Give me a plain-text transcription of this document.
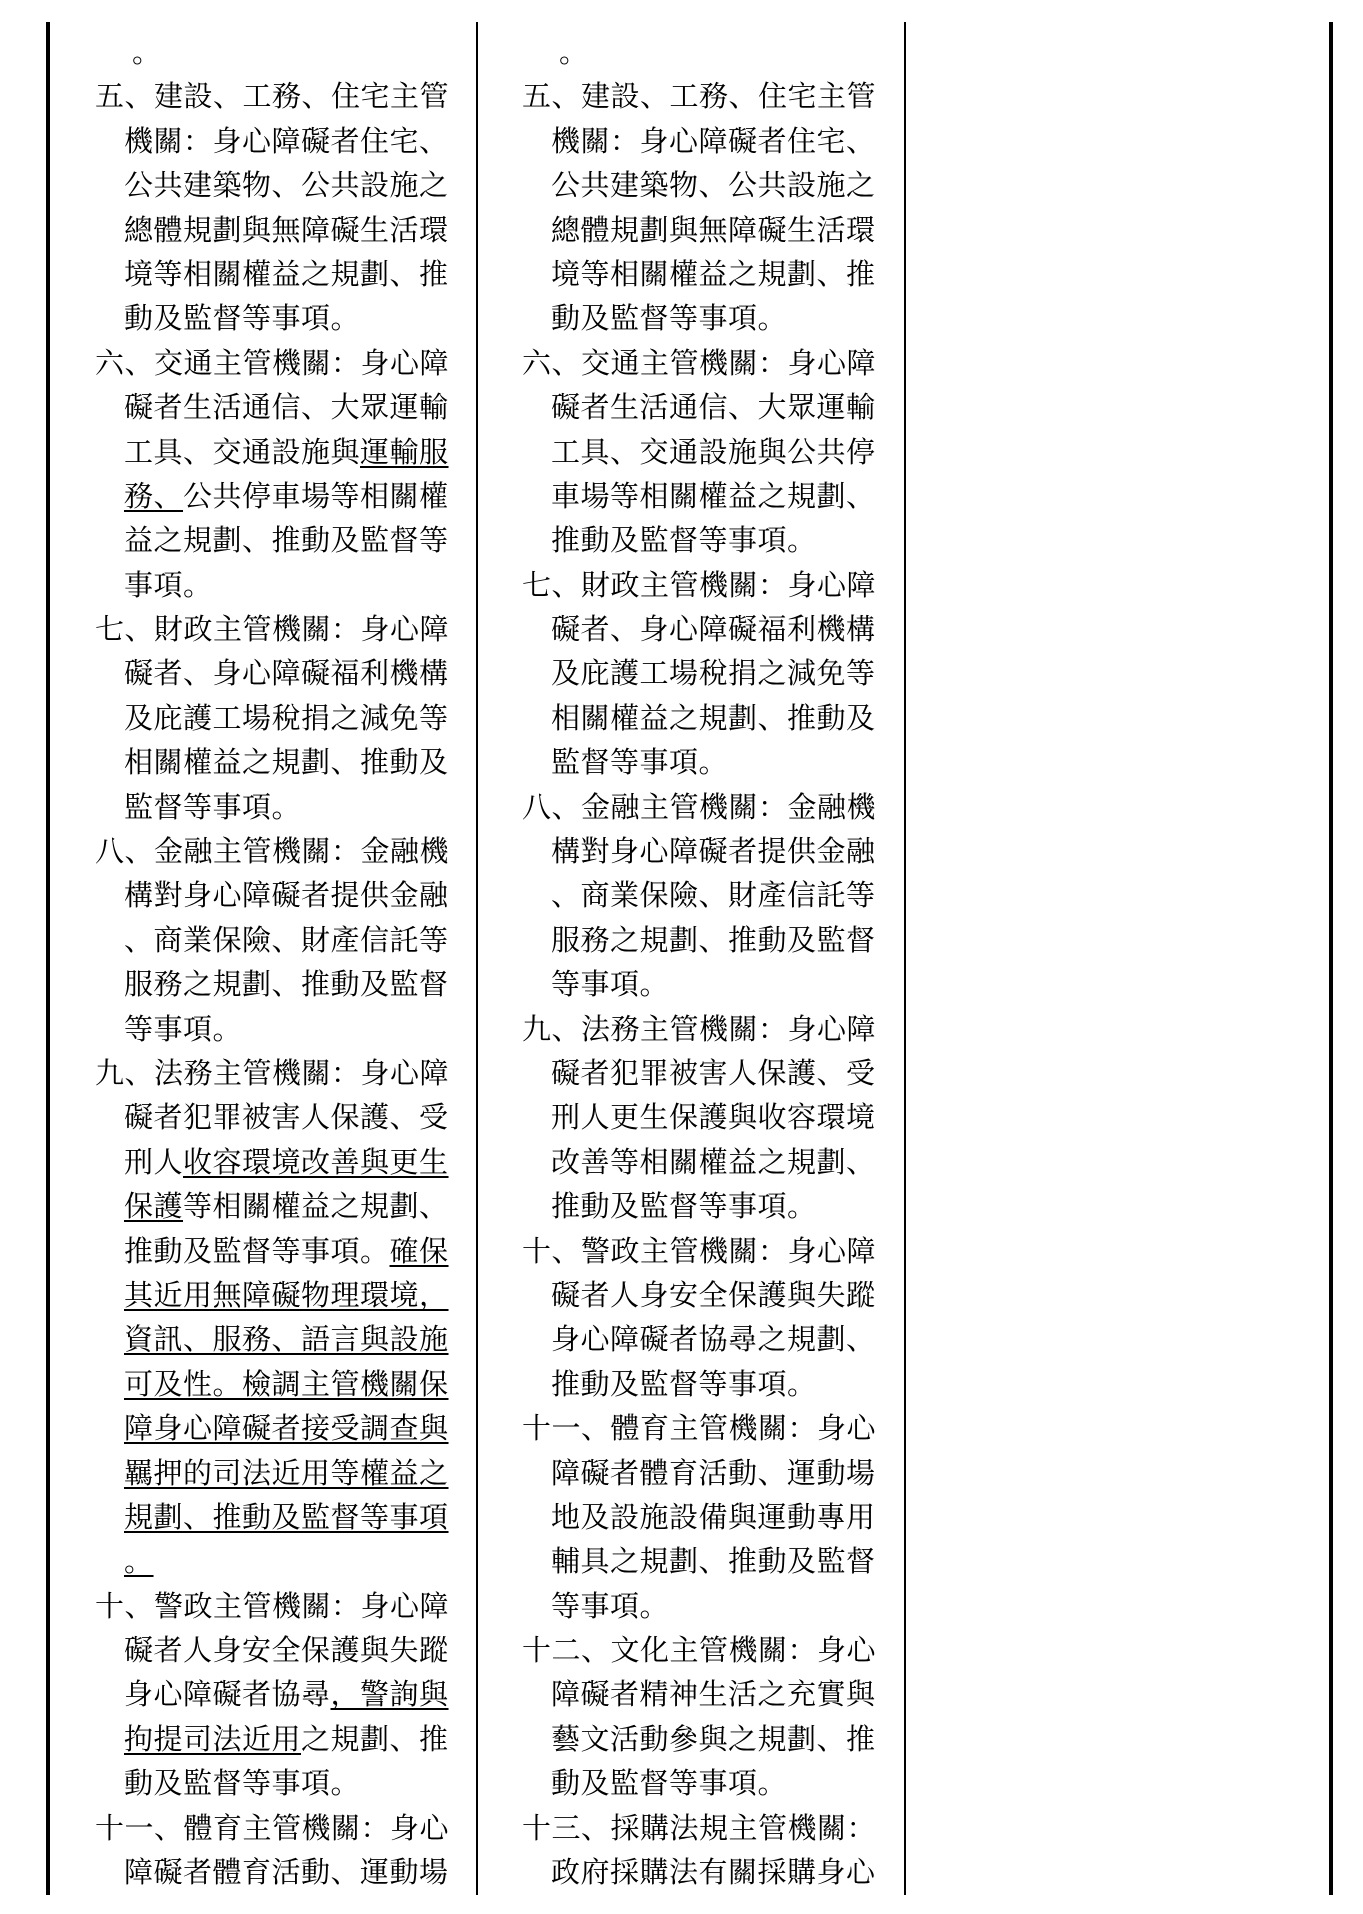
。
五、建設、工務、住宅主管
機關：身心障礙者住宅、
公共建築物、公共設施之
總體規劃與無障礙生活環
境等相關權益之規劃、推
動及監督等事項。
六、交通主管機關：身心障
礙者生活通信、大眾運輸
工具、交通設施與運輸服
務、公共停車場等相關權
益之規劃、推動及監督等
事項。
七、財政主管機關：身心障
礙者、身心障礙福利機構
及庇護工場稅捐之減免等
相關權益之規劃、推動及
監督等事項。
八、金融主管機關：金融機
構對身心障礙者提供金融
、商業保險、財產信託等
服務之規劃、推動及監督
等事項。
九、法務主管機關：身心障
礙者犯罪被害人保護、受
刑人收容環境改善與更生
保護等相關權益之規劃、
推動及監督等事項。確保
其近用無障礙物理環境，
資訊、服務、語言與設施
可及性。檢調主管機關保
障身心障礙者接受調查與
羈押的司法近用等權益之
規劃、推動及監督等事項
。
十、警政主管機關：身心障
礙者人身安全保護與失蹤
身心障礙者協尋，警詢與
拘提司法近用之規劃、推
動及監督等事項。
十一、體育主管機關：身心
障礙者體育活動、運動場
。
五、建設、工務、住宅主管
機關：身心障礙者住宅、
公共建築物、公共設施之
總體規劃與無障礙生活環
境等相關權益之規劃、推
動及監督等事項。
六、交通主管機關：身心障
礙者生活通信、大眾運輸
工具、交通設施與公共停
車場等相關權益之規劃、
推動及監督等事項。
七、財政主管機關：身心障
礙者、身心障礙福利機構
及庇護工場稅捐之減免等
相關權益之規劃、推動及
監督等事項。
八、金融主管機關：金融機
構對身心障礙者提供金融
、商業保險、財產信託等
服務之規劃、推動及監督
等事項。
九、法務主管機關：身心障
礙者犯罪被害人保護、受
刑人更生保護與收容環境
改善等相關權益之規劃、
推動及監督等事項。
十、警政主管機關：身心障
礙者人身安全保護與失蹤
身心障礙者協尋之規劃、
推動及監督等事項。
十一、體育主管機關：身心
障礙者體育活動、運動場
地及設施設備與運動專用
輔具之規劃、推動及監督
等事項。
十二、文化主管機關：身心
障礙者精神生活之充實與
藝文活動參與之規劃、推
動及監督等事項。
十三、採購法規主管機關：
政府採購法有關採購身心
